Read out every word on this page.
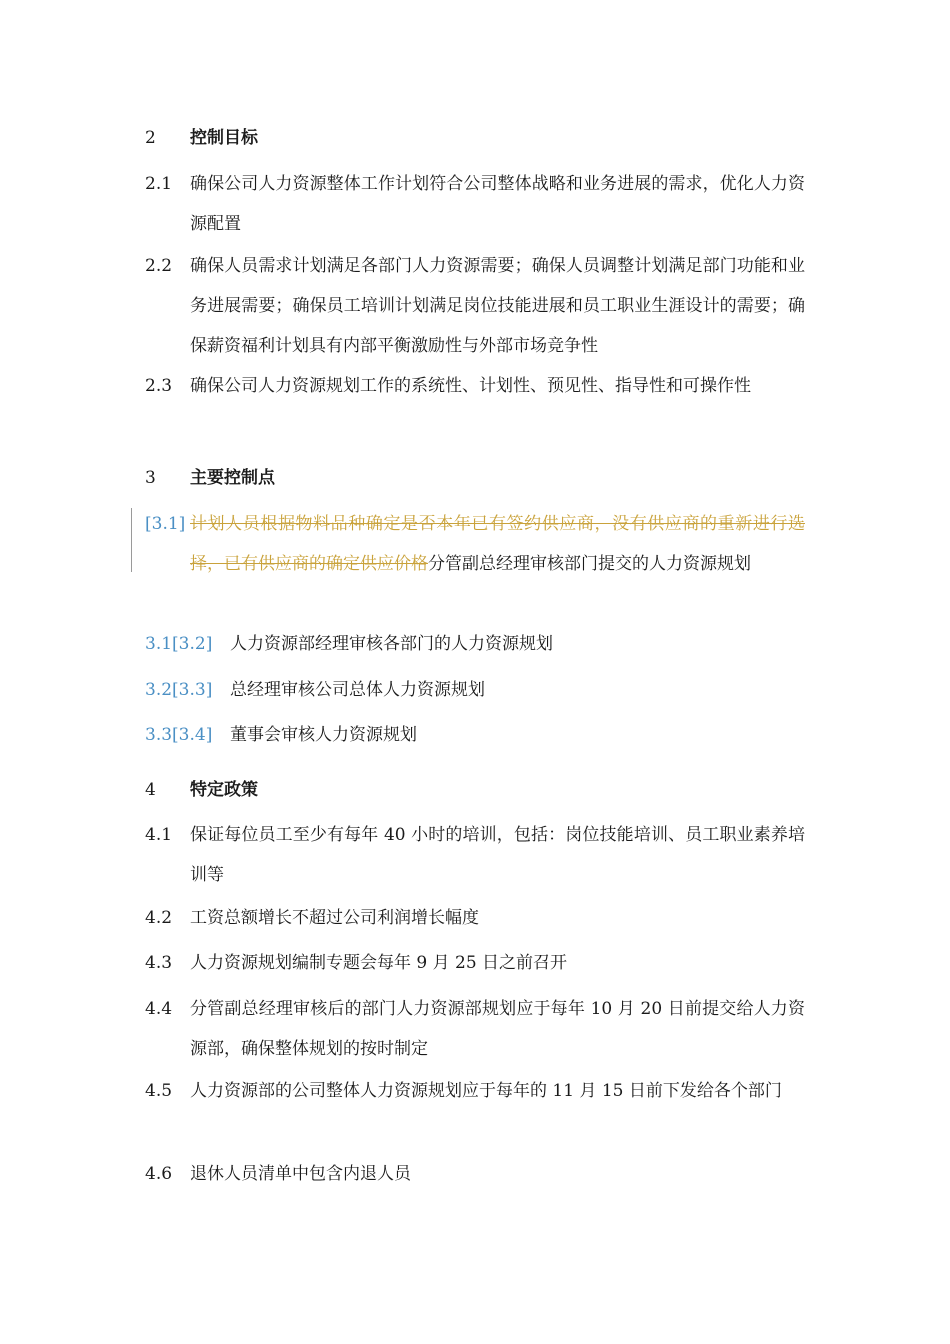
2 控制目标
2.1 确保公司人力资源整体工作计划符合公司整体战略和业务进展的需求，优化人力资源配置
2.2 确保人员需求计划满足各部门人力资源需要；确保人员调整计划满足部门功能和业务进展需要；确保员工培训计划满足岗位技能进展和员工职业生涯设计的需要；确保薪资福利计划具有内部平衡激励性与外部市场竞争性
2.3 确保公司人力资源规划工作的系统性、计划性、预见性、指导性和可操作性
3 主要控制点
[3.1] 计划人员根据物料品种确定是否本年已有签约供应商，没有供应商的重新进行选择，已有供应商的确定供应价格分管副总经理审核部门提交的人力资源规划
3.1[3.2] 人力资源部经理审核各部门的人力资源规划
3.2[3.3] 总经理审核公司总体人力资源规划
3.3[3.4] 董事会审核人力资源规划
4 特定政策
4.1 保证每位员工至少有每年 40 小时的培训，包括：岗位技能培训、员工职业素养培训等
4.2 工资总额增长不超过公司利润增长幅度
4.3 人力资源规划编制专题会每年 9 月 25 日之前召开
4.4 分管副总经理审核后的部门人力资源部规划应于每年 10 月 20 日前提交给人力资源部，确保整体规划的按时制定
4.5 人力资源部的公司整体人力资源规划应于每年的 11 月 15 日前下发给各个部门
4.6 退休人员清单中包含内退人员
